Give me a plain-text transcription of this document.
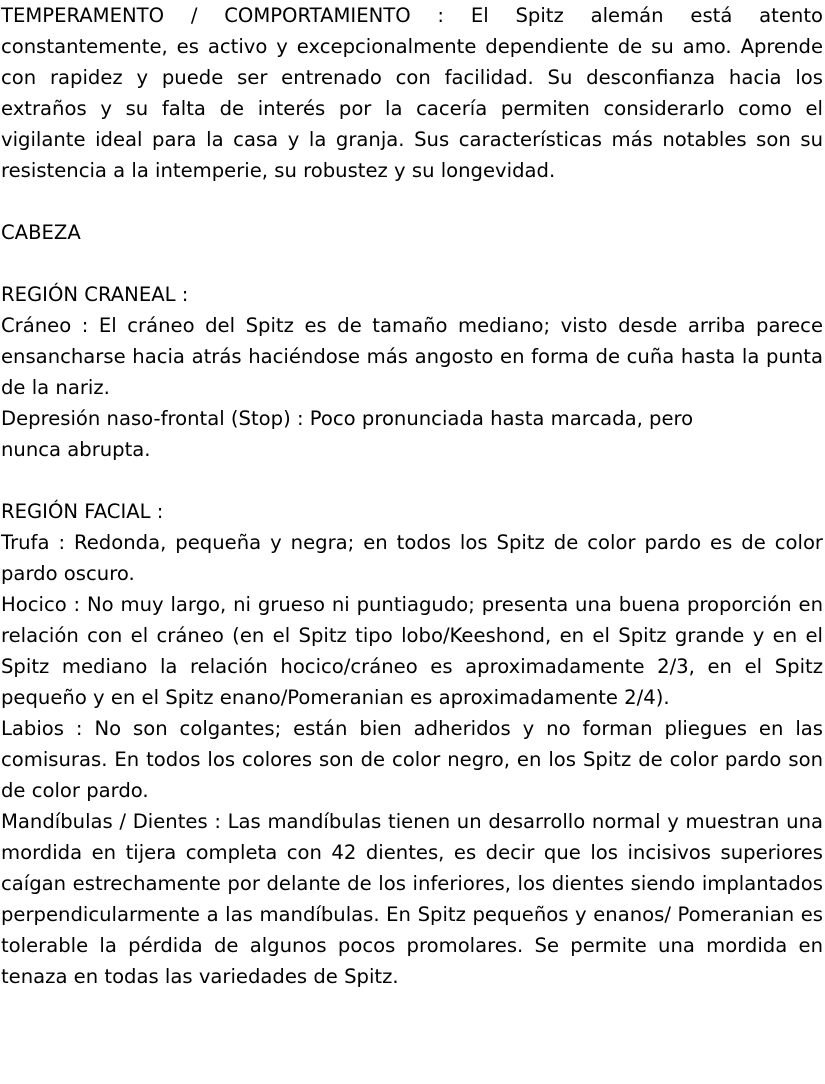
TEMPERAMENTO / COMPORTAMIENTO : El Spitz alemán está atento constantemente, es activo y excepcionalmente dependiente de su amo. Aprende con rapidez y puede ser entrenado con facilidad. Su desconfianza hacia los extraños y su falta de interés por la cacería permiten considerarlo como el vigilante ideal para la casa y la granja. Sus características más notables son su resistencia a la intemperie, su robustez y su longevidad.

CABEZA

REGIÓN CRANEAL :

Cráneo : El cráneo del Spitz es de tamaño mediano; visto desde arriba parece ensancharse hacia atrás haciéndose más angosto en forma de cuña hasta la punta de la nariz.

Depresión naso-frontal (Stop) : Poco pronunciada hasta marcada, pero

nunca abrupta.

REGIÓN FACIAL :

Trufa : Redonda, pequeña y negra; en todos los Spitz de color pardo es de color pardo oscuro.

Hocico : No muy largo, ni grueso ni puntiagudo; presenta una buena proporción en relación con el cráneo (en el Spitz tipo lobo/Keeshond, en el Spitz grande y en el Spitz mediano la relación hocico/cráneo es aproximadamente 2/3, en el Spitz pequeño y en el Spitz enano/Pomeranian es aproximadamente 2/4).

Labios : No son colgantes; están bien adheridos y no forman pliegues en las comisuras. En todos los colores son de color negro, en los Spitz de color pardo son de color pardo.

Mandíbulas / Dientes : Las mandíbulas tienen un desarrollo normal y muestran una mordida en tijera completa con 42 dientes, es decir que los incisivos superiores caígan estrechamente por delante de los inferiores, los dientes siendo implantados perpendicularmente a las mandíbulas. En Spitz pequeños y enanos/ Pomeranian es tolerable la pérdida de algunos pocos promolares. Se permite una mordida en tenaza en todas las variedades de Spitz.
